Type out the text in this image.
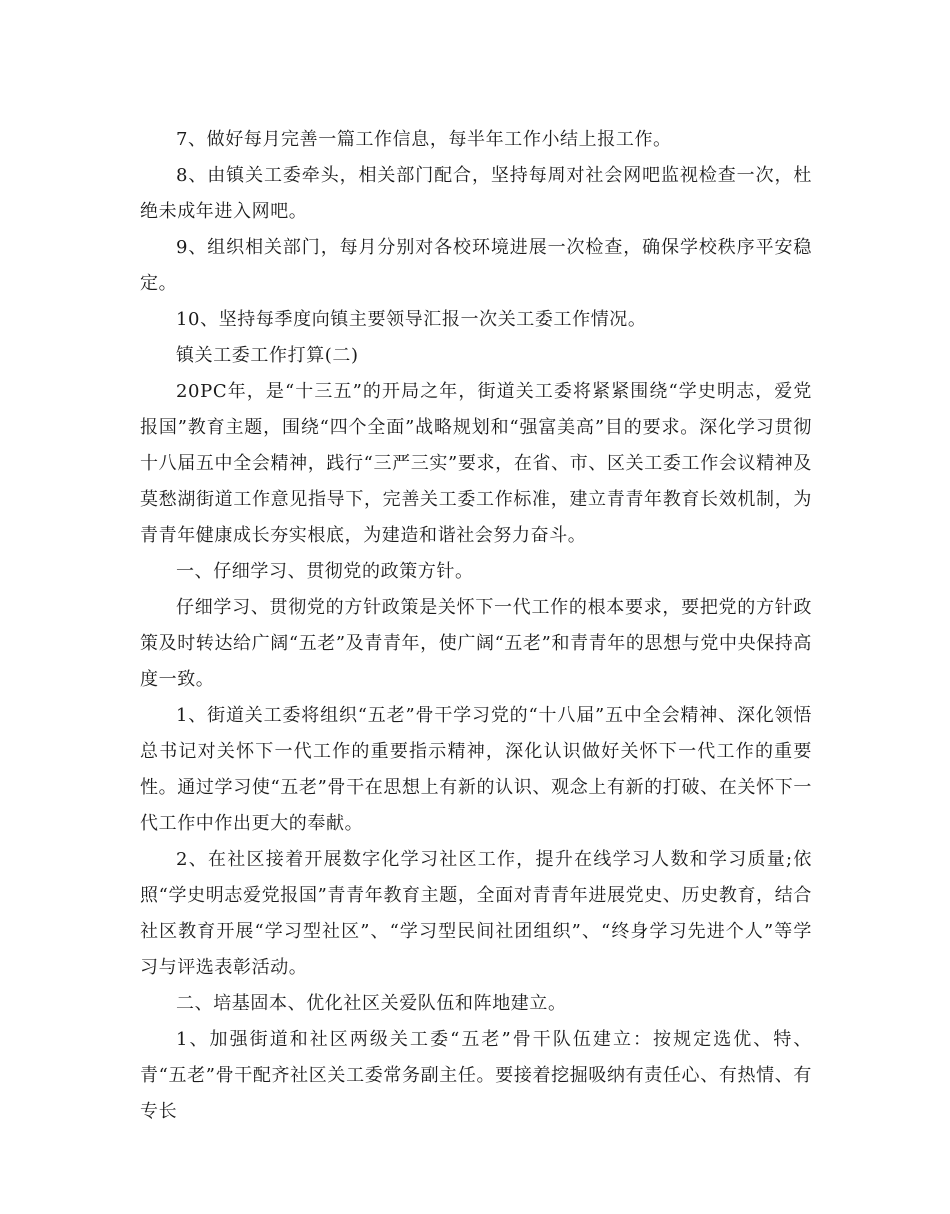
7、做好每月完善一篇工作信息，每半年工作小结上报工作。

8、由镇关工委牵头，相关部门配合，坚持每周对社会网吧监视检查一次，杜绝未成年进入网吧。

9、组织相关部门，每月分别对各校环境进展一次检查，确保学校秩序平安稳定。

10、坚持每季度向镇主要领导汇报一次关工委工作情况。

镇关工委工作打算(二)

20PC年，是“十三五”的开局之年，街道关工委将紧紧围绕“学史明志，爱党报国”教育主题，围绕“四个全面”战略规划和“强富美高”目的要求。深化学习贯彻十八届五中全会精神，践行“三严三实”要求，在省、市、区关工委工作会议精神及莫愁湖街道工作意见指导下，完善关工委工作标准，建立青青年教育长效机制，为青青年健康成长夯实根底，为建造和谐社会努力奋斗。

一、仔细学习、贯彻党的政策方针。

仔细学习、贯彻党的方针政策是关怀下一代工作的根本要求，要把党的方针政策及时转达给广阔“五老”及青青年，使广阔“五老”和青青年的思想与党中央保持高度一致。

1、街道关工委将组织“五老”骨干学习党的“十八届”五中全会精神、深化领悟总书记对关怀下一代工作的重要指示精神，深化认识做好关怀下一代工作的重要性。通过学习使“五老”骨干在思想上有新的认识、观念上有新的打破、在关怀下一代工作中作出更大的奉献。

2、在社区接着开展数字化学习社区工作，提升在线学习人数和学习质量;依照“学史明志爱党报国”青青年教育主题，全面对青青年进展党史、历史教育，结合社区教育开展“学习型社区”、“学习型民间社团组织”、“终身学习先进个人”等学习与评选表彰活动。

二、培基固本、优化社区关爱队伍和阵地建立。

1、加强街道和社区两级关工委“五老”骨干队伍建立：按规定选优、特、青“五老”骨干配齐社区关工委常务副主任。要接着挖掘吸纳有责任心、有热情、有专长
